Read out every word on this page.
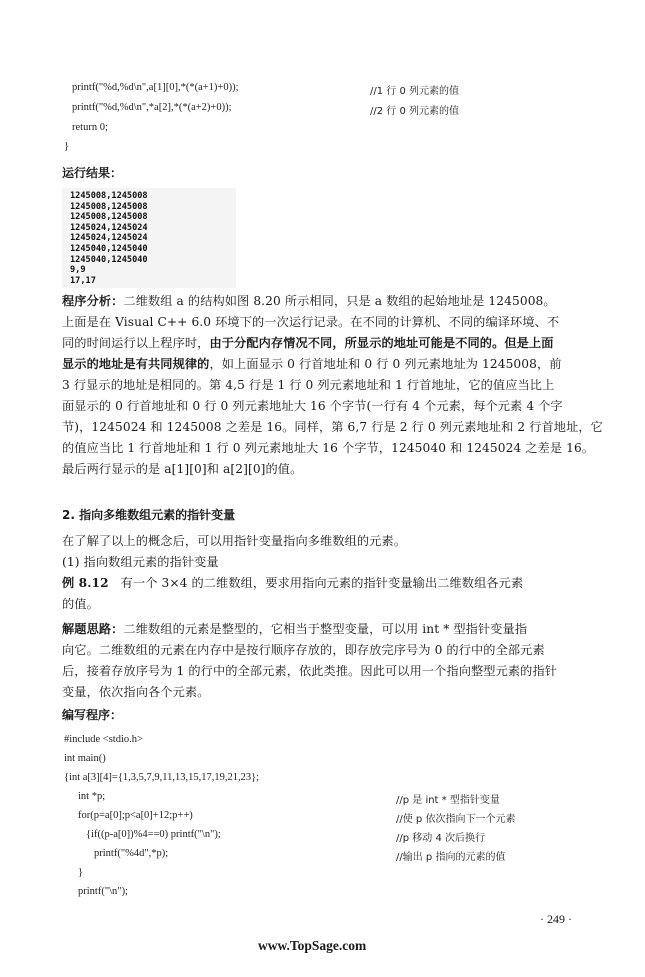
printf("%d,%d\n",a[1][0],*(*(a+1)+0));	//1 行 0 列元素的值
printf("%d,%d\n",*a[2],*(*(a+2)+0));	//2 行 0 列元素的值
return 0;
}
运行结果：
1245008,1245008
1245008,1245008
1245008,1245008
1245024,1245024
1245024,1245024
1245040,1245040
1245040,1245040
9,9
17,17
程序分析：二维数组 a 的结构如图 8.20 所示相同，只是 a 数组的起始地址是 1245008。
上面是在 Visual C++ 6.0 环境下的一次运行记录。在不同的计算机、不同的编译环境、不
同的时间运行以上程序时，由于分配内存情况不同，所显示的地址可能是不同的。但是上面
显示的地址是有共同规律的，如上面显示 0 行首地址和 0 行 0 列元素地址为 1245008，前
3 行显示的地址是相同的。第 4,5 行是 1 行 0 列元素地址和 1 行首地址，它的值应当比上
面显示的 0 行首地址和 0 行 0 列元素地址大 16 个字节(一行有 4 个元素，每个元素 4 个字
节)，1245024 和 1245008 之差是 16。同样，第 6,7 行是 2 行 0 列元素地址和 2 行首地址，它
的值应当比 1 行首地址和 1 行 0 列元素地址大 16 个字节，1245040 和 1245024 之差是 16。
最后两行显示的是 a[1][0]和 a[2][0]的值。
2. 指向多维数组元素的指针变量
在了解了以上的概念后，可以用指针变量指向多维数组的元素。
(1) 指向数组元素的指针变量
例 8.12 有一个 3×4 的二维数组，要求用指向元素的指针变量输出二维数组各元素
的值。
解题思路：二维数组的元素是整型的，它相当于整型变量，可以用 int * 型指针变量指
向它。二维数组的元素在内存中是按行顺序存放的，即存放完序号为 0 的行中的全部元素
后，接着存放序号为 1 的行中的全部元素，依此类推。因此可以用一个指向整型元素的指针
变量，依次指向各个元素。
编写程序：
#include <stdio.h>
int main()
{int a[3][4]={1,3,5,7,9,11,13,15,17,19,21,23};
int *p;	//p 是 int * 型指针变量
for(p=a[0];p<a[0]+12;p++)	//使 p 依次指向下一个元素
{if((p-a[0])%4==0) printf("\n");	//p 移动 4 次后换行
printf("%4d",*p);	//输出 p 指向的元素的值
}
printf("\n");
· 249 ·
www.TopSage.com
